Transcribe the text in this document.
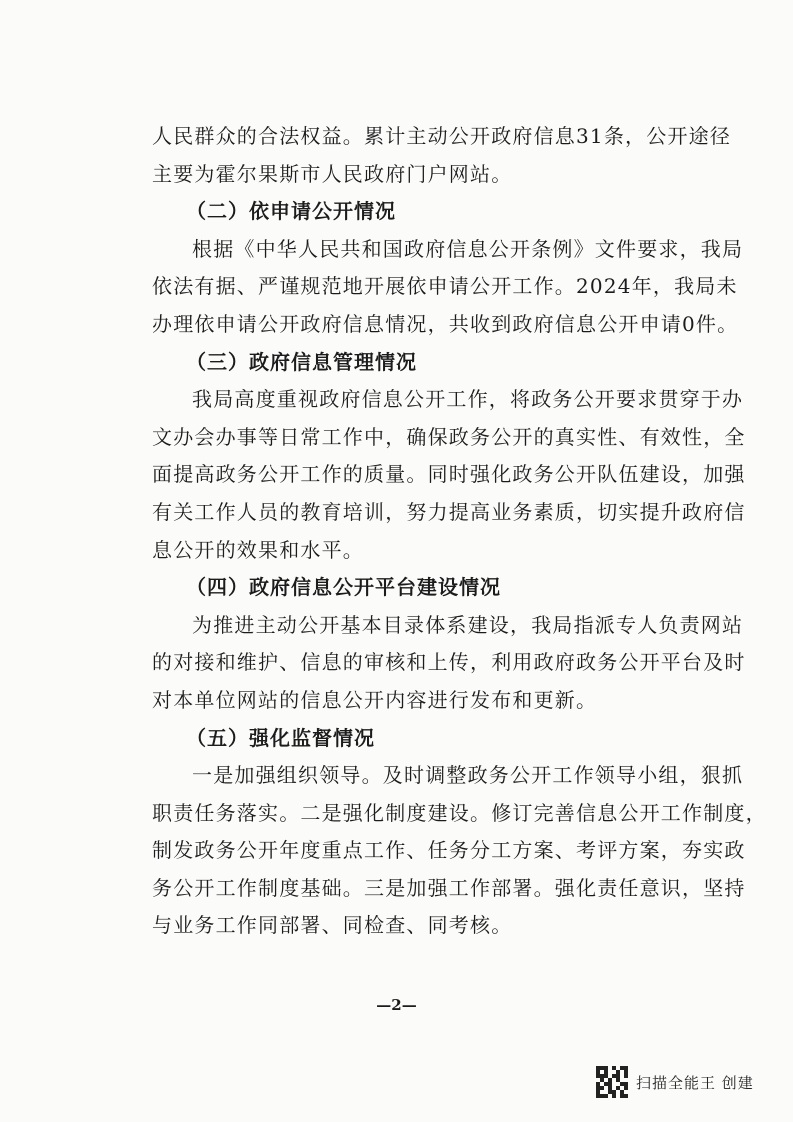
人民群众的合法权益。累计主动公开政府信息31条，公开途径
主要为霍尔果斯市人民政府门户网站。
（二）依申请公开情况
根据《中华人民共和国政府信息公开条例》文件要求，我局
依法有据、严谨规范地开展依申请公开工作。2024年，我局未
办理依申请公开政府信息情况，共收到政府信息公开申请0件。
（三）政府信息管理情况
我局高度重视政府信息公开工作，将政务公开要求贯穿于办
文办会办事等日常工作中，确保政务公开的真实性、有效性，全
面提高政务公开工作的质量。同时强化政务公开队伍建设，加强
有关工作人员的教育培训，努力提高业务素质，切实提升政府信
息公开的效果和水平。
（四）政府信息公开平台建设情况
为推进主动公开基本目录体系建设，我局指派专人负责网站
的对接和维护、信息的审核和上传，利用政府政务公开平台及时
对本单位网站的信息公开内容进行发布和更新。
（五）强化监督情况
一是加强组织领导。及时调整政务公开工作领导小组，狠抓
职责任务落实。二是强化制度建设。修订完善信息公开工作制度，
制发政务公开年度重点工作、任务分工方案、考评方案，夯实政
务公开工作制度基础。三是加强工作部署。强化责任意识，坚持
与业务工作同部署、同检查、同考核。
—2—
扫描全能王 创建
